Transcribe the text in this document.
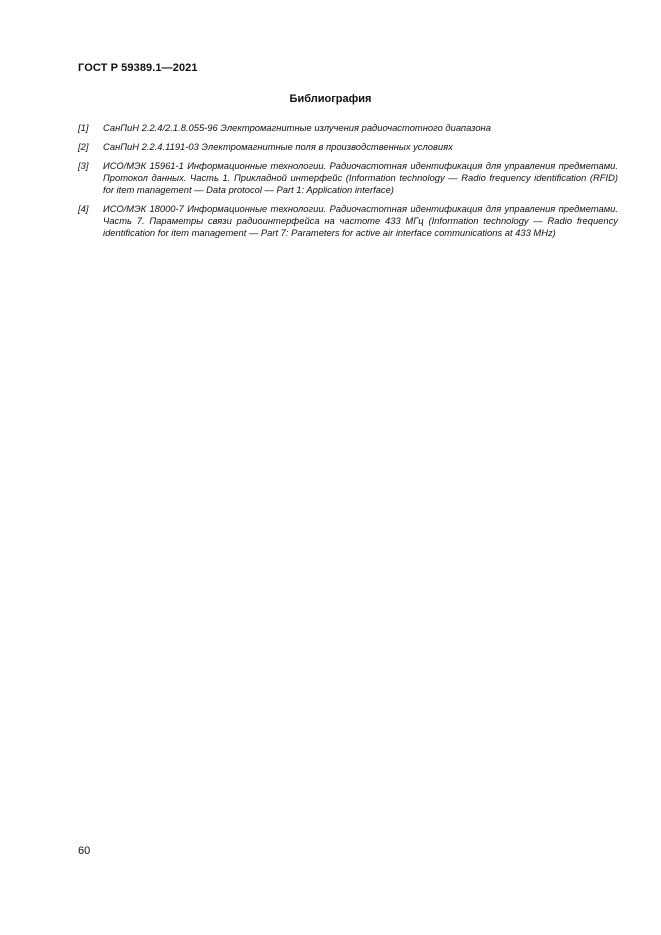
ГОСТ Р 59389.1—2021
Библиография
[1]	СанПиН 2.2.4/2.1.8.055-96 Электромагнитные излучения радиочастотного диапазона
[2]	СанПиН 2.2.4.1191-03 Электромагнитные поля в производственных условиях
[3]	ИСО/МЭК 15961-1 Информационные технологии. Радиочастотная идентификация для управления предметами. Протокол данных. Часть 1. Прикладной интерфейс (Information technology — Radio frequency identification (RFID) for item management — Data protocol — Part 1: Application interface)
[4]	ИСО/МЭК 18000-7 Информационные технологии. Радиочастотная идентификация для управления предметами. Часть 7. Параметры связи радиоинтерфейса на частоте 433 МГц (Information technology — Radio frequency identification for item management — Part 7: Parameters for active air interface communications at 433 MHz)
60
